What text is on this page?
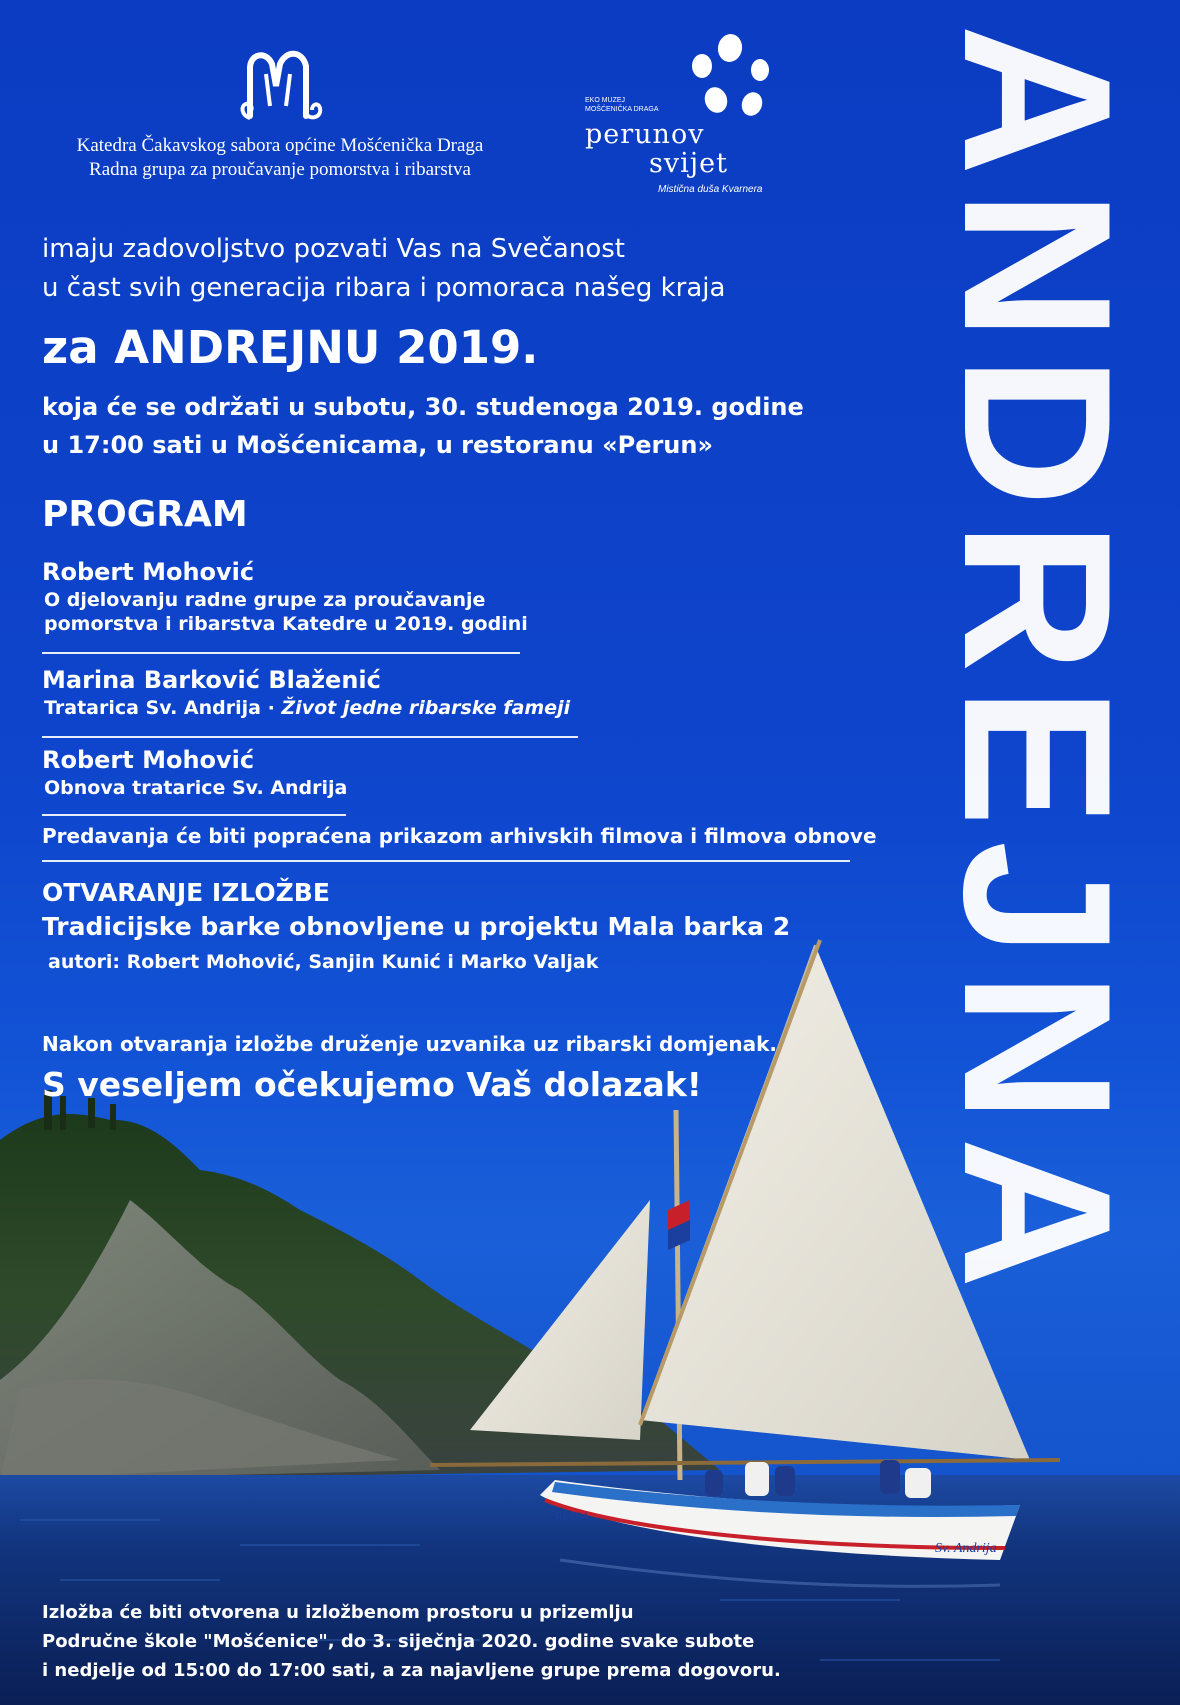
RI-664
Sv. Andrija
Katedra Čakavskog sabora općine Mošćenička Draga
Radna grupa za proučavanje pomorstva i ribarstva
EKO MUZEJ
MOŠĆENIČKA DRAGA
perunov
svijet
Mistična duša Kvarnera ANDREJNA
imaju zadovoljstvo pozvati Vas na Svečanost
u čast svih generacija ribara i pomoraca našeg kraja
za ANDREJNU 2019.
koja će se održati u subotu, 30. studenoga 2019. godine
u 17:00 sati u Mošćenicama, u restoranu «Perun»
PROGRAM
Robert Mohović
O djelovanju radne grupe za proučavanje
pomorstva i ribarstva Katedre u 2019. godini
Marina Barković Blaženić
Tratarica Sv. Andrija · Život jedne ribarske fameji
Robert Mohović
Obnova tratarice Sv. Andrija
Predavanja će biti popraćena prikazom arhivskih filmova i filmova obnove
OTVARANJE IZLOŽBE
Tradicijske barke obnovljene u projektu Mala barka 2
autori: Robert Mohović, Sanjin Kunić i Marko Valjak
Nakon otvaranja izložbe druženje uzvanika uz ribarski domjenak.
S veseljem očekujemo Vaš dolazak!
Izložba će biti otvorena u izložbenom prostoru u prizemlju
Područne škole "Mošćenice", do 3. siječnja 2020. godine svake subote
i nedjelje od 15:00 do 17:00 sati, a za najavljene grupe prema dogovoru.
